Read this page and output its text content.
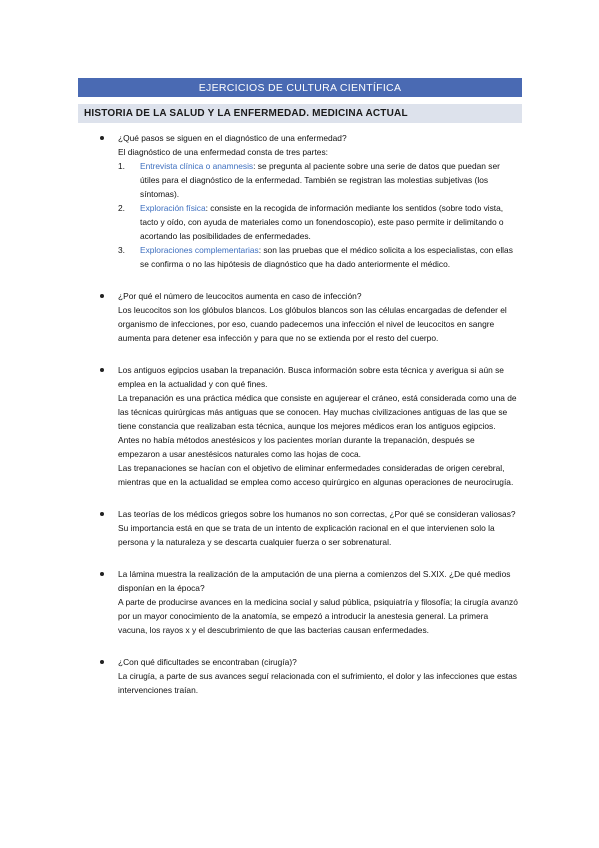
EJERCICIOS DE CULTURA CIENTÍFICA
HISTORIA DE LA SALUD Y LA ENFERMEDAD. MEDICINA ACTUAL
¿Qué pasos se siguen en el diagnóstico de una enfermedad?
El diagnóstico de una enfermedad consta de tres partes:
1. Entrevista clínica o anamnesis: se pregunta al paciente sobre una serie de datos que puedan ser útiles para el diagnóstico de la enfermedad. También se registran las molestias subjetivas (los síntomas).
2. Exploración física: consiste en la recogida de información mediante los sentidos (sobre todo vista, tacto y oído, con ayuda de materiales como un fonendoscopio), este paso permite ir delimitando o acortando las posibilidades de enfermedades.
3. Exploraciones complementarias: son las pruebas que el médico solicita a los especialistas, con ellas se confirma o no las hipótesis de diagnóstico que ha dado anteriormente el médico.
¿Por qué el número de leucocitos aumenta en caso de infección?
Los leucocitos son los glóbulos blancos. Los glóbulos blancos son las células encargadas de defender el organismo de infecciones, por eso, cuando padecemos una infección el nivel de leucocitos en sangre aumenta para detener esa infección y para que no se extienda por el resto del cuerpo.
Los antiguos egipcios usaban la trepanación. Busca información sobre esta técnica y averigua si aún se emplea en la actualidad y con qué fines.
La trepanación es una práctica médica que consiste en agujerear el cráneo, está considerada como una de las técnicas quirúrgicas más antiguas que se conocen. Hay muchas civilizaciones antiguas de las que se tiene constancia que realizaban esta técnica, aunque los mejores médicos eran los antiguos egipcios.
Antes no había métodos anestésicos y los pacientes morían durante la trepanación, después se empezaron a usar anestésicos naturales como las hojas de coca.
Las trepanaciones se hacían con el objetivo de eliminar enfermedades consideradas de origen cerebral, mientras que en la actualidad se emplea como acceso quirúrgico en algunas operaciones de neurocirugía.
Las teorías de los médicos griegos sobre los humanos no son correctas, ¿Por qué se consideran valiosas?
Su importancia está en que se trata de un intento de explicación racional en el que intervienen solo la persona y la naturaleza y se descarta cualquier fuerza o ser sobrenatural.
La lámina muestra la realización de la amputación de una pierna a comienzos del S.XIX. ¿De qué medios disponían en la época?
A parte de producirse avances en la medicina social y salud pública, psiquiatría y filosofía; la cirugía avanzó por un mayor conocimiento de la anatomía, se empezó a introducir la anestesia general. La primera vacuna, los rayos x y el descubrimiento de que las bacterias causan enfermedades.
¿Con qué dificultades se encontraban (cirugía)?
La cirugía, a parte de sus avances seguí relacionada con el sufrimiento, el dolor y las infecciones que estas intervenciones traían.
